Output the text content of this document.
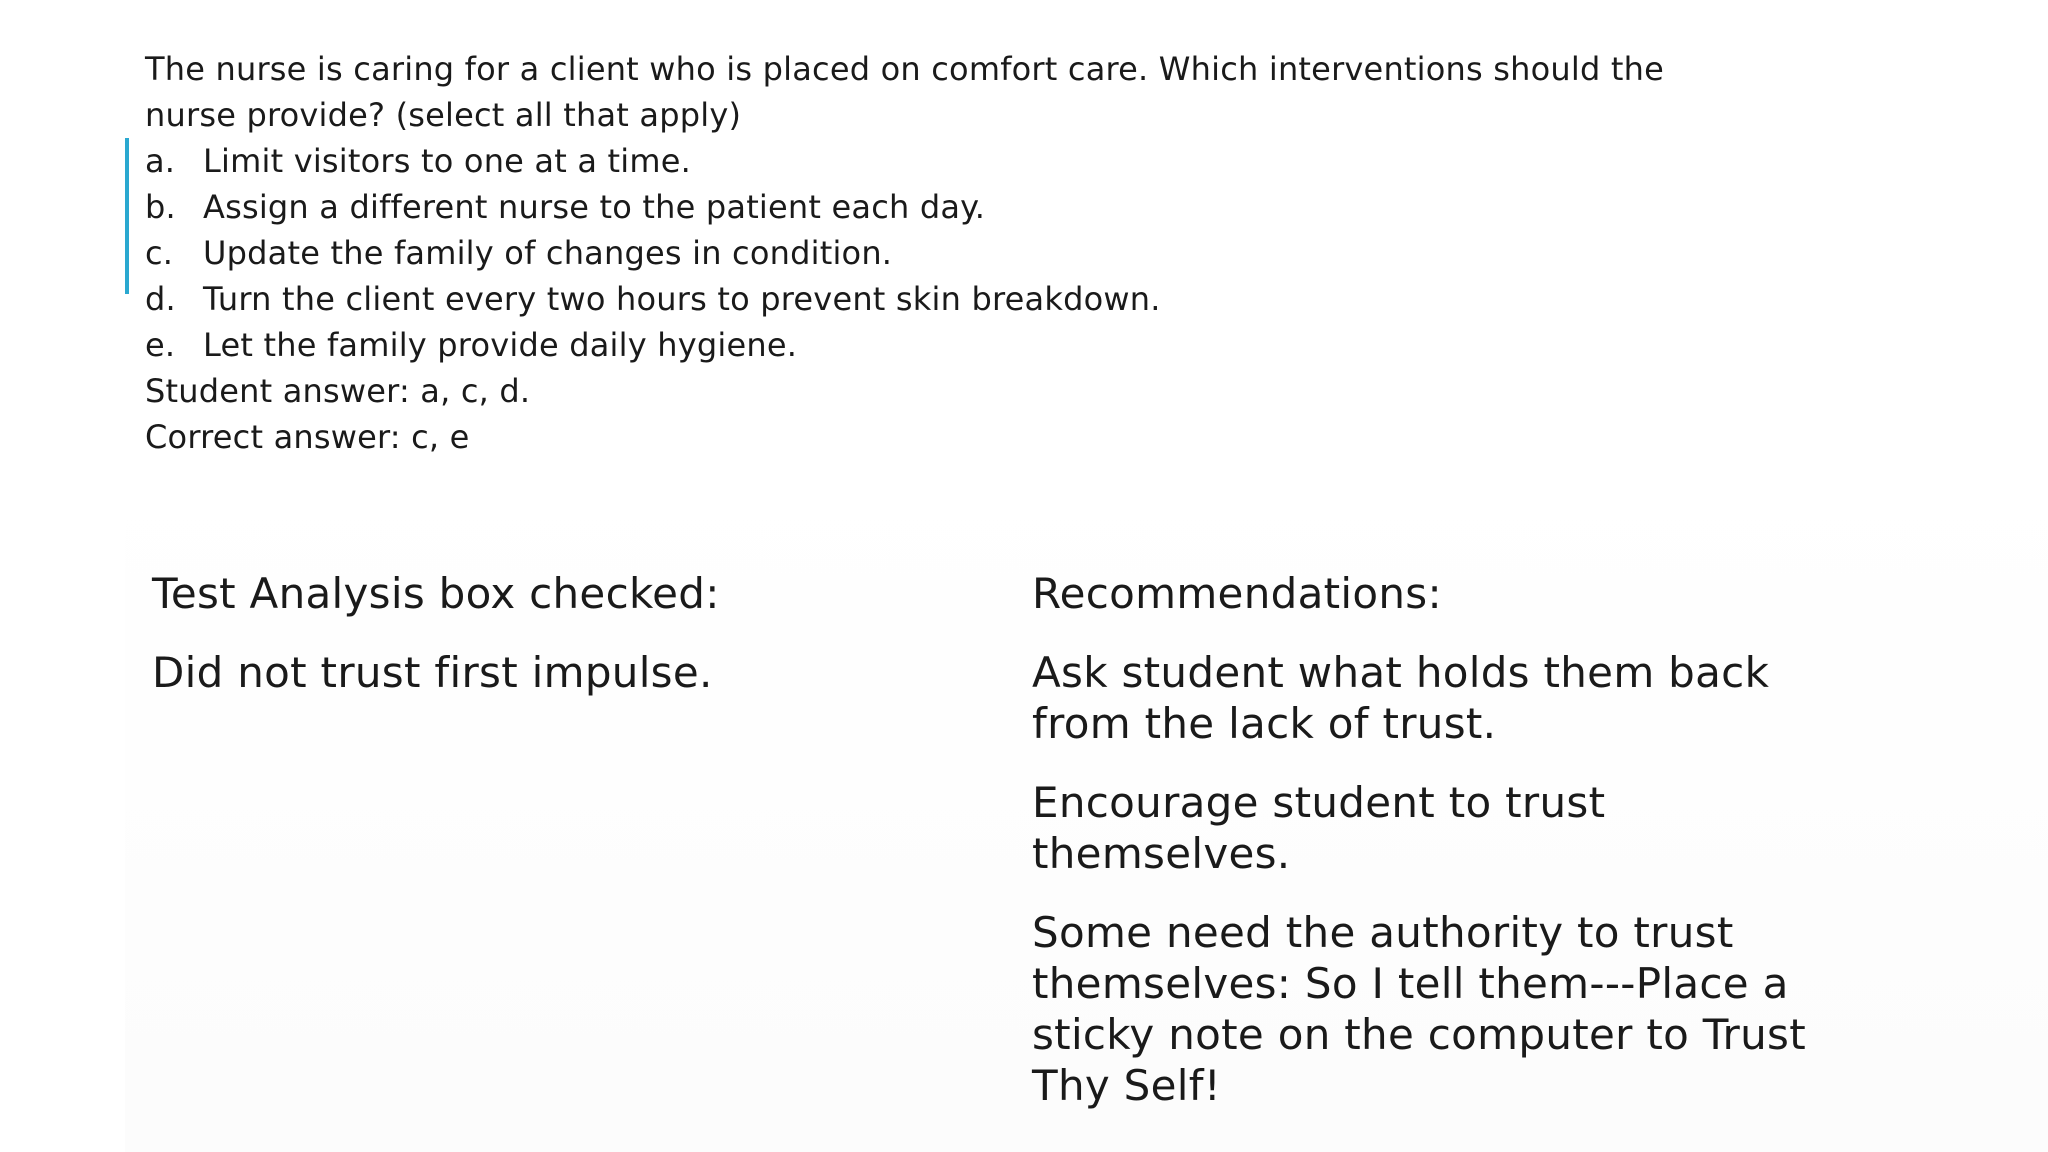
The nurse is caring for a client who is placed on comfort care. Which interventions should the nurse provide? (select all that apply)

a. Limit visitors to one at a time.
b. Assign a different nurse to the patient each day.
c. Update the family of changes in condition.
d. Turn the client every two hours to prevent skin breakdown.
e. Let the family provide daily hygiene.

Student answer: a, c, d.

Correct answer: c, e

Test Analysis box checked:

Did not trust first impulse.

Recommendations:

Ask student what holds them back from the lack of trust.

Encourage student to trust themselves.

Some need the authority to trust themselves: So I tell them---Place a sticky note on the computer to Trust Thy Self!
